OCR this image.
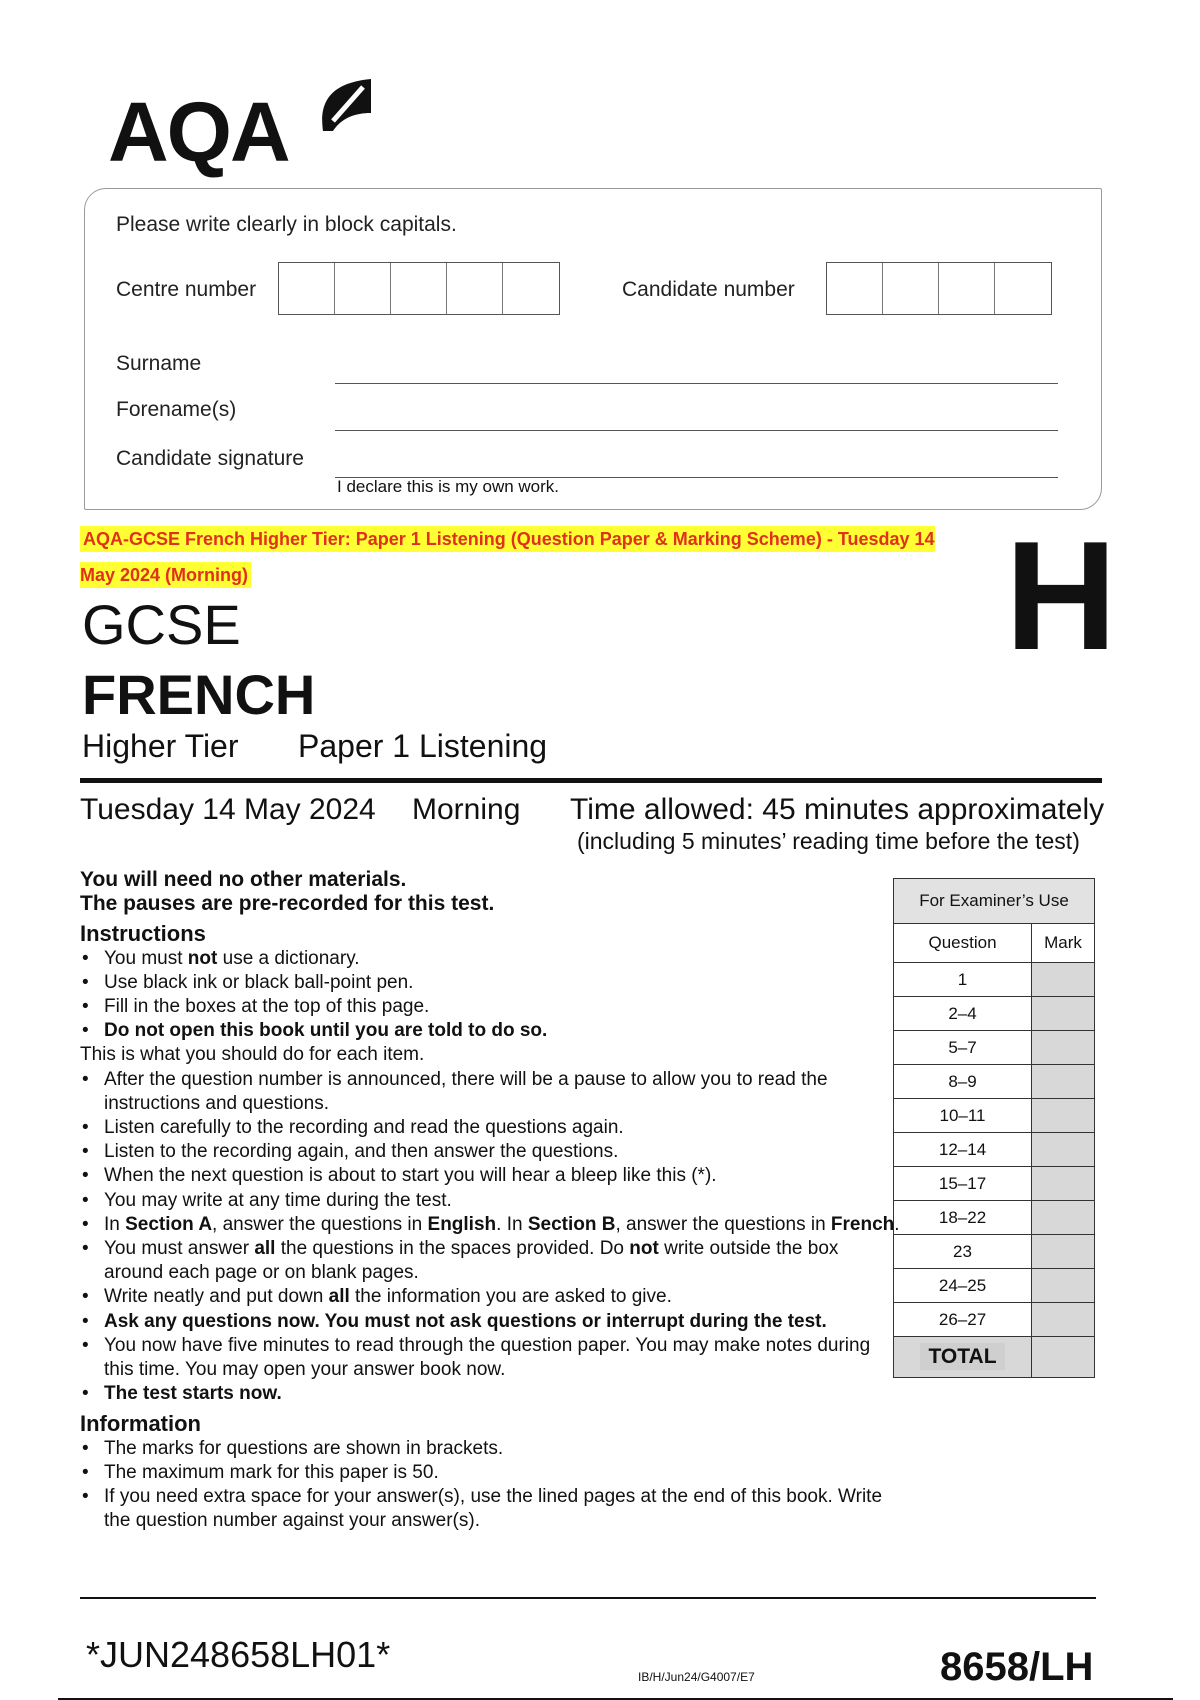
AQA
Please write clearly in block capitals.
Centre number	Candidate number
Surname
Forename(s)
Candidate signature
I declare this is my own work.
AQA-GCSE French Higher Tier: Paper 1 Listening (Question Paper & Marking Scheme) - Tuesday 14 May 2024 (Morning)	H
GCSE
FRENCH
Higher Tier Paper 1 Listening
Tuesday 14 May 2024 Morning Time allowed: 45 minutes approximately
(including 5 minutes’ reading time before the test)

You will need no other materials.

The pauses are pre-recorded for this test.

Instructions

• You must not use a dictionary.
• Use black ink or black ball-point pen.
• Fill in the boxes at the top of this page.
• Do not open this book until you are told to do so.

This is what you should do for each item.

• After the question number is announced, there will be a pause to allow you to read the instructions and questions.
• Listen carefully to the recording and read the questions again.
• Listen to the recording again, and then answer the questions.
• When the next question is about to start you will hear a bleep like this (*).
• You may write at any time during the test.
• In Section A, answer the questions in English. In Section B, answer the questions in French.
• You must answer all the questions in the spaces provided. Do not write outside the box around each page or on blank pages.
• Write neatly and put down all the information you are asked to give.
• Ask any questions now. You must not ask questions or interrupt during the test.
• You now have five minutes to read through the question paper. You may make notes during this time. You may open your answer book now.
• The test starts now.

Information

• The marks for questions are shown in brackets.
• The maximum mark for this paper is 50.
• If you need extra space for your answer(s), use the lined pages at the end of this book. Write the question number against your answer(s).
For Examiner’s Use	
Question	Mark
1	
2–4	
5–7	
8–9	
10–11	
12–14	
15–17	
18–22	
23	
24–25	
26–27	
TOTAL	
*JUN248658LH01*
IB/H/Jun24/G4007/E7	8658/LH
